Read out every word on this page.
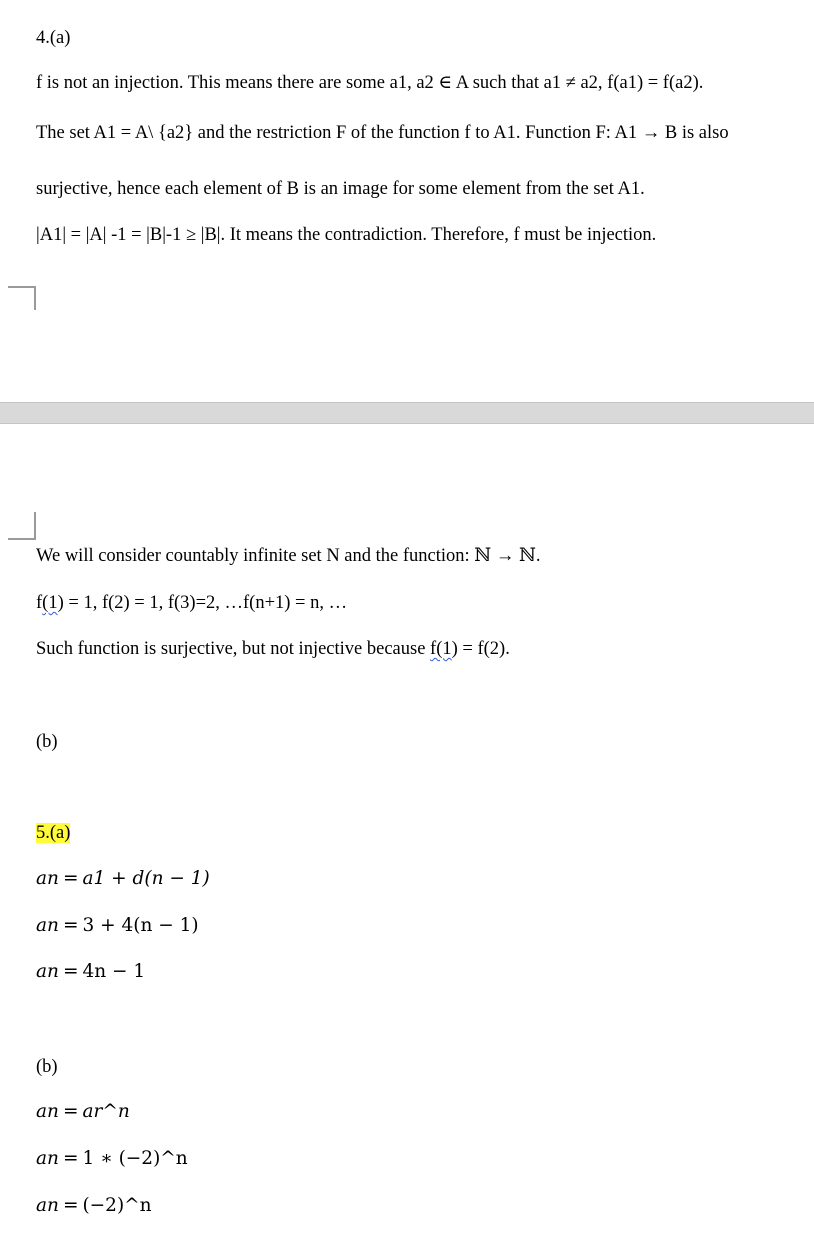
4.(a)
f is not an injection. This means there are some a1, a2 ∈ A such that a1 ≠ a2, f(a1) = f(a2).
The set A1 = A\ {a2} and the restriction F of the function f to A1. Function F: A1 → B is also
surjective, hence each element of B is an image for some element from the set A1.
|A1| = |A| -1 = |B|-1 ≥ |B|. It means the contradiction. Therefore, f must be injection.
We will consider countably infinite set N and the function: ℕ → ℕ.
f(1) = 1, f(2) = 1, f(3)=2, …f(n+1) = n, …
Such function is surjective, but not injective because f(1) = f(2).
(b)
5.(a)
an = a1 + d(n − 1)
an = 3 + 4(n − 1)
an = 4n − 1
(b)
an = ar^n
an = 1 ∗ (−2)^n
an = (−2)^n
